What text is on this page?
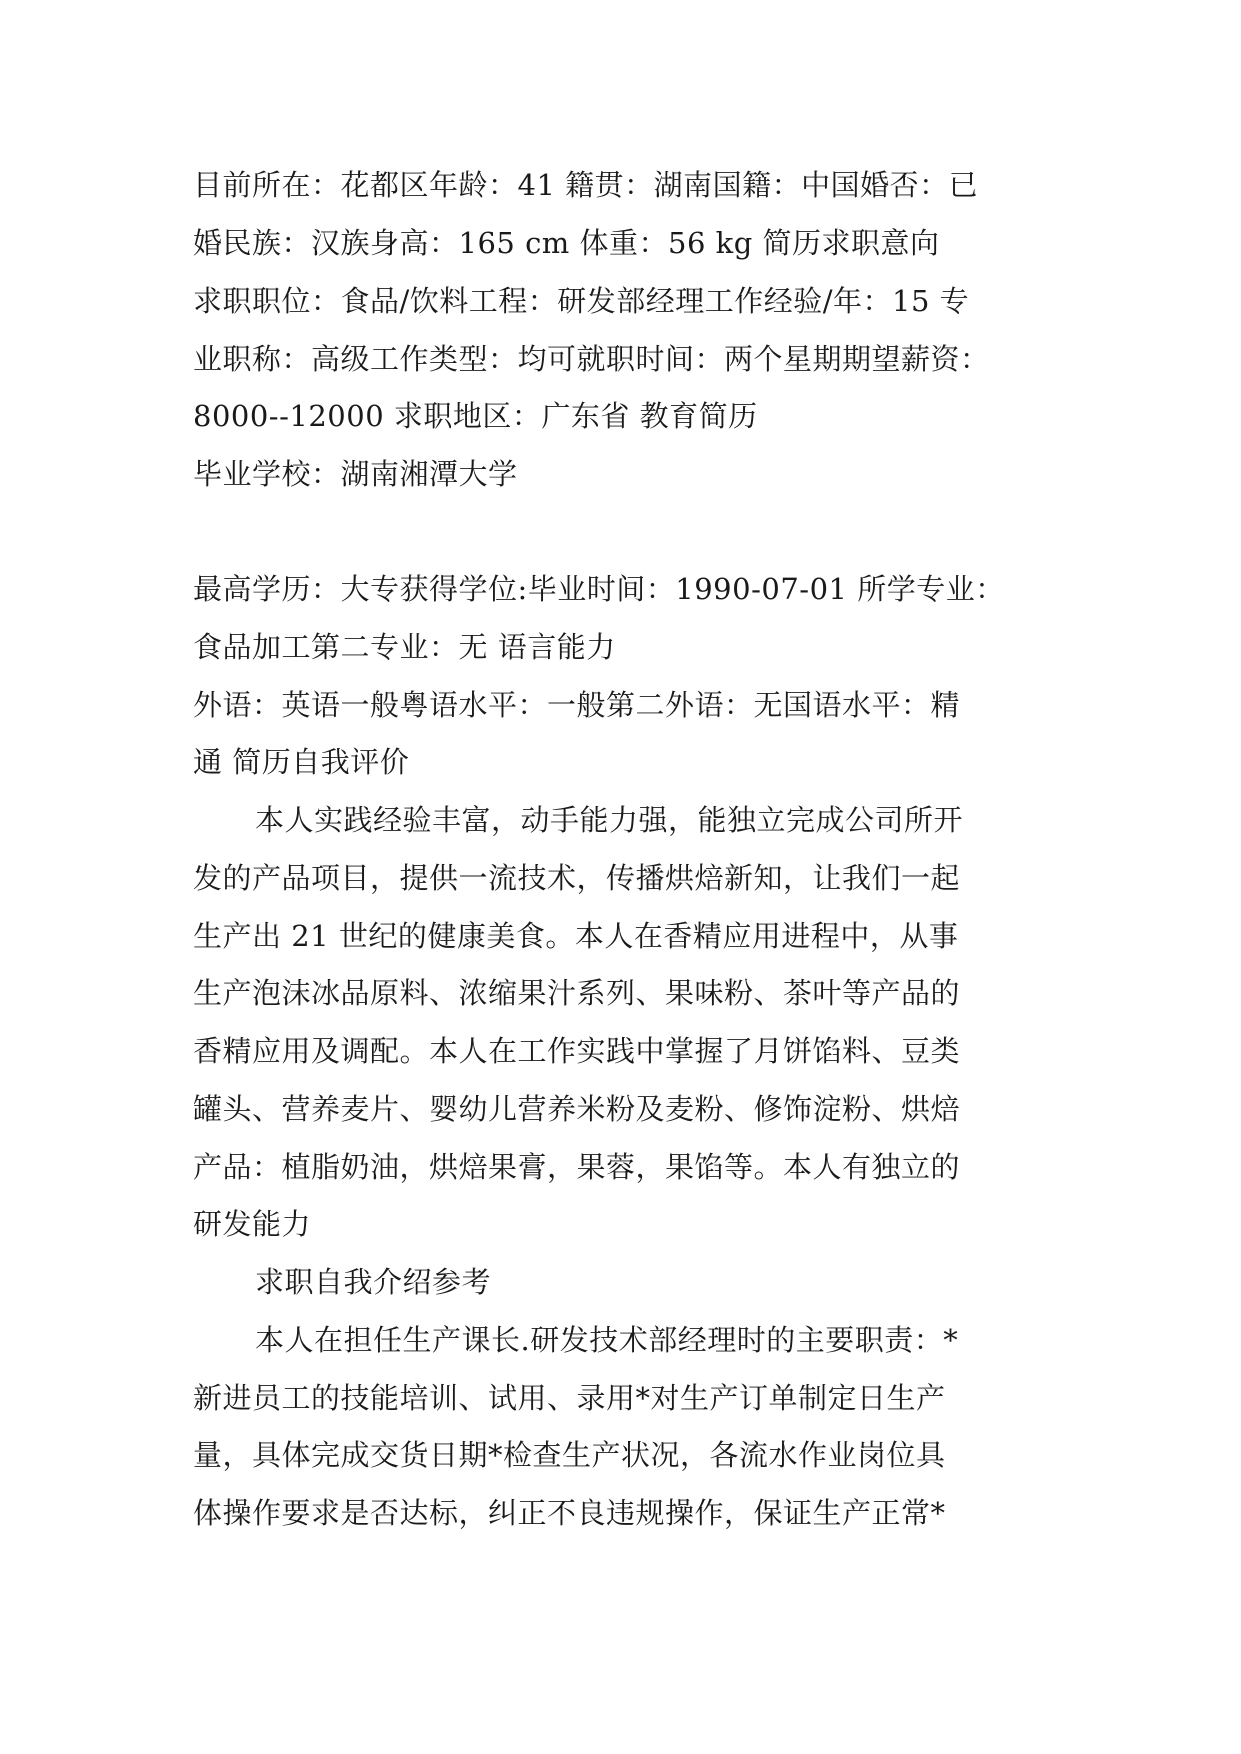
目前所在：花都区年龄：41 籍贯：湖南国籍：中国婚否：已
婚民族：汉族身高：165 cm 体重：56 kg 简历求职意向
求职职位：食品/饮料工程：研发部经理工作经验/年：15 专
业职称：高级工作类型：均可就职时间：两个星期期望薪资：
8000--12000 求职地区：广东省 教育简历
毕业学校：湖南湘潭大学
最高学历：大专获得学位:毕业时间：1990-07-01 所学专业：
食品加工第二专业：无 语言能力
外语：英语一般粤语水平：一般第二外语：无国语水平：精
通 简历自我评价
本人实践经验丰富，动手能力强，能独立完成公司所开
发的产品项目，提供一流技术，传播烘焙新知，让我们一起
生产出 21 世纪的健康美食。本人在香精应用进程中，从事
生产泡沫冰品原料、浓缩果汁系列、果味粉、茶叶等产品的
香精应用及调配。本人在工作实践中掌握了月饼馅料、豆类
罐头、营养麦片、婴幼儿营养米粉及麦粉、修饰淀粉、烘焙
产品：植脂奶油，烘焙果膏，果蓉，果馅等。本人有独立的
研发能力
求职自我介绍参考
本人在担任生产课长.研发技术部经理时的主要职责：*
新进员工的技能培训、试用、录用*对生产订单制定日生产
量，具体完成交货日期*检查生产状况，各流水作业岗位具
体操作要求是否达标，纠正不良违规操作，保证生产正常*
